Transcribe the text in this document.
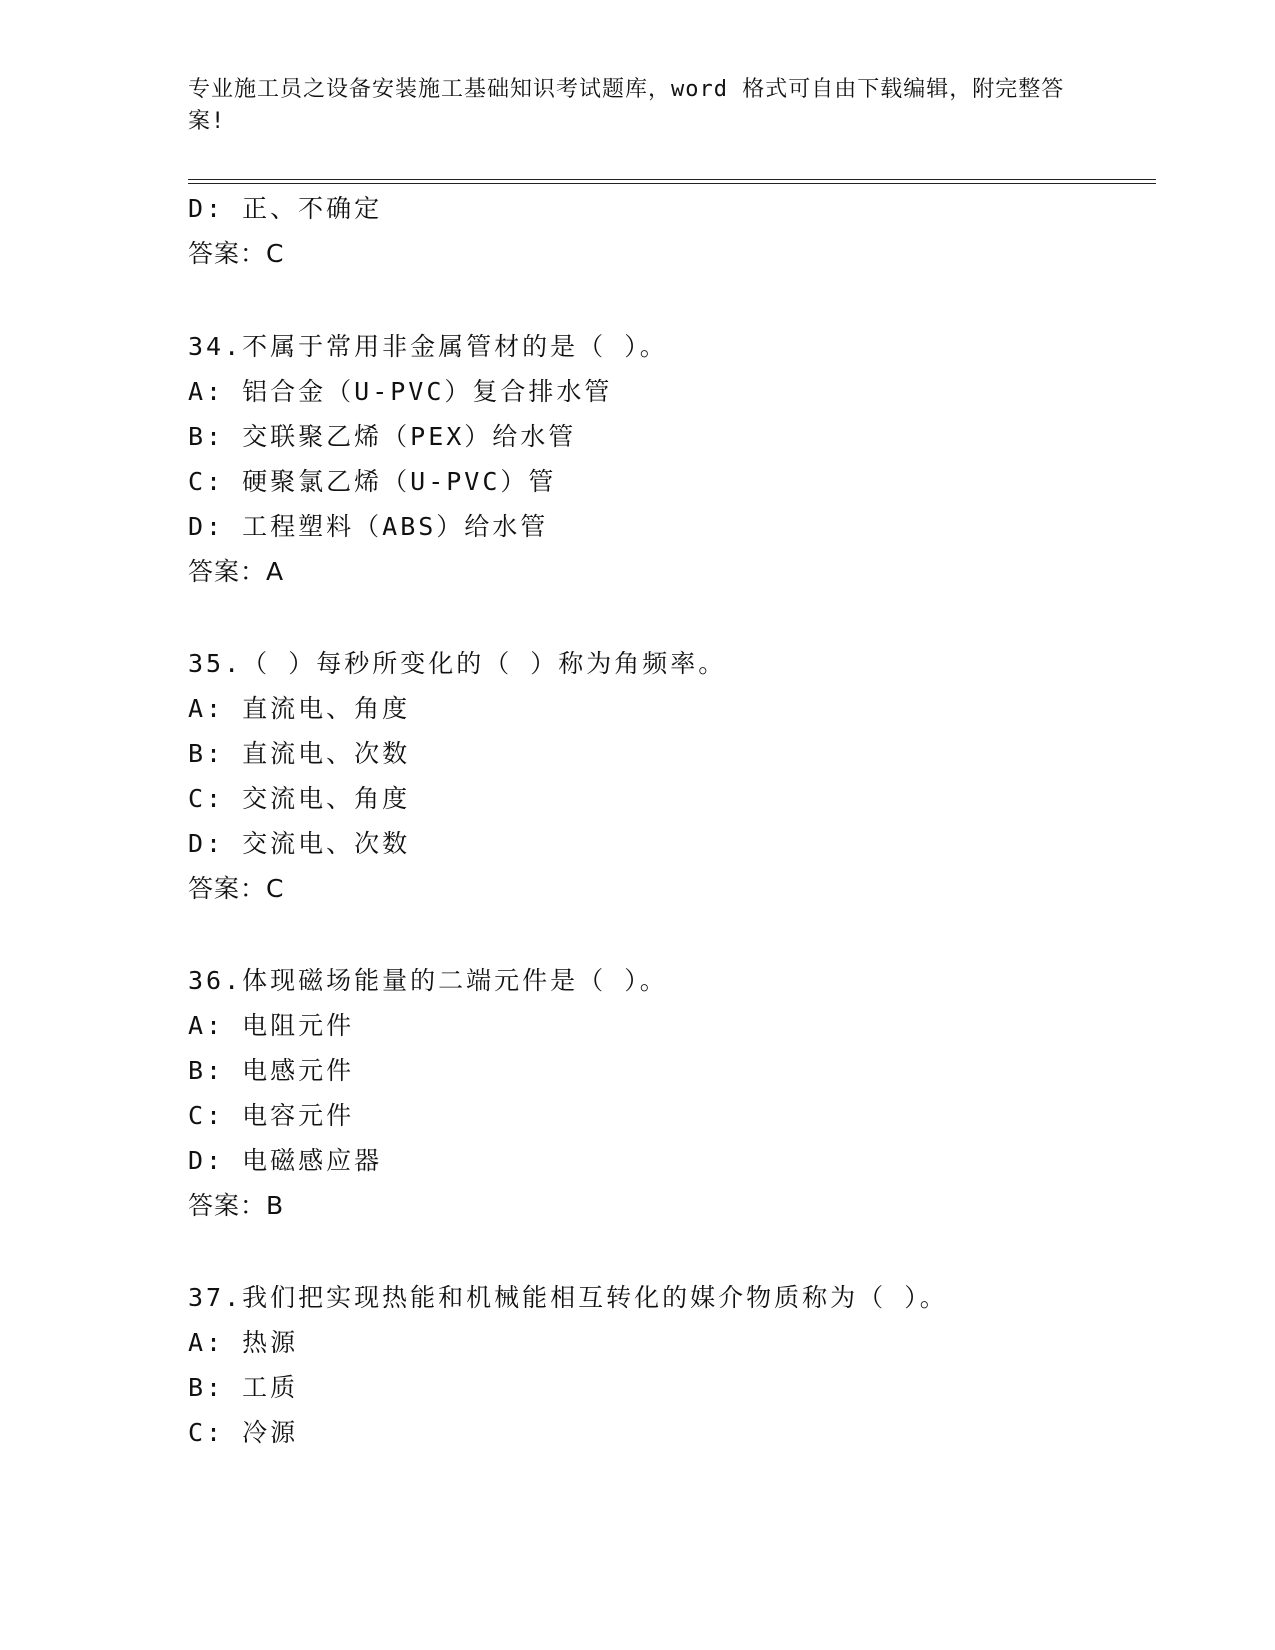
专业施工员之设备安装施工基础知识考试题库，word 格式可自由下载编辑，附完整答案!

D: 正、不确定

答案：C

34.不属于常用非金属管材的是（ ）。

A: 铝合金（U-PVC）复合排水管

B: 交联聚乙烯（PEX）给水管

C: 硬聚氯乙烯（U-PVC）管

D: 工程塑料（ABS）给水管

答案：A

35.（ ）每秒所变化的（ ）称为角频率。

A: 直流电、角度

B: 直流电、次数

C: 交流电、角度

D: 交流电、次数

答案：C

36.体现磁场能量的二端元件是（ ）。

A: 电阻元件

B: 电感元件

C: 电容元件

D: 电磁感应器

答案：B

37.我们把实现热能和机械能相互转化的媒介物质称为（ ）。

A: 热源

B: 工质

C: 冷源
